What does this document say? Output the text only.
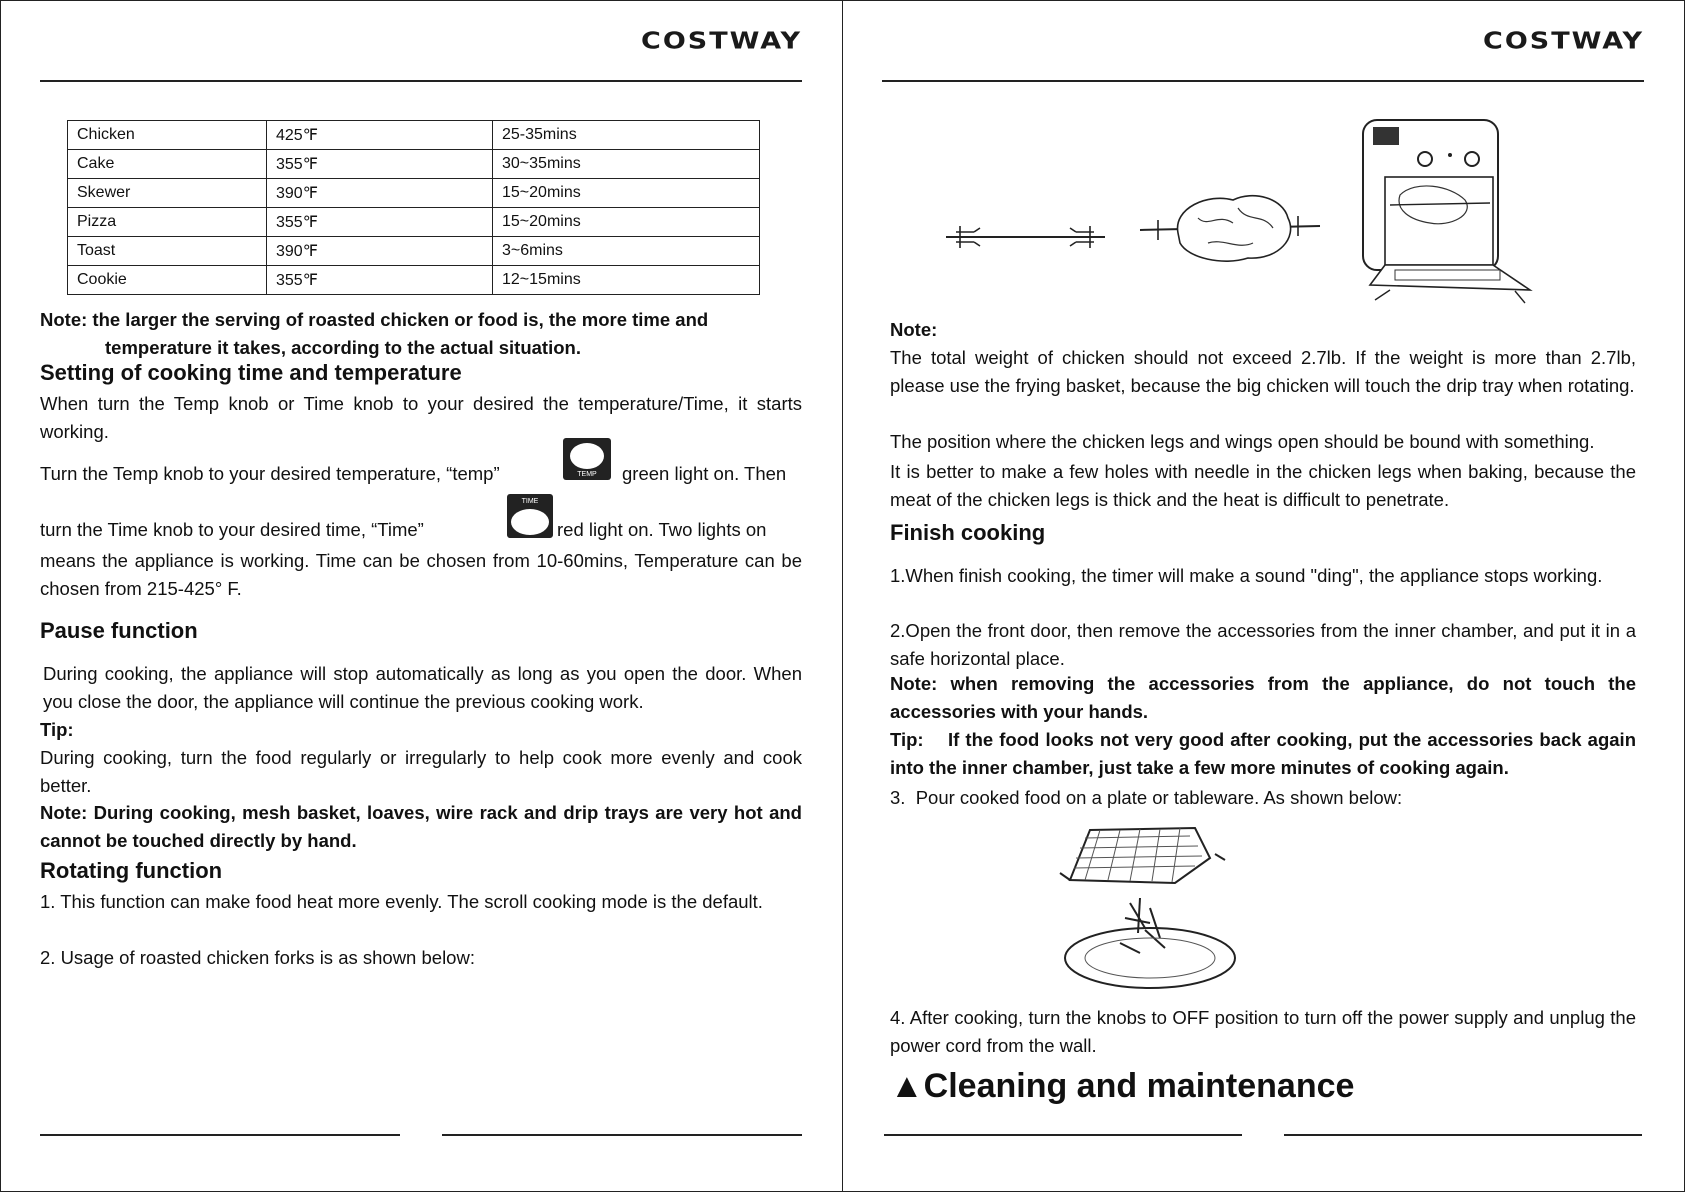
COSTWAY
Chicken	425℉	25-35mins
Cake	355℉	30~35mins
Skewer	390℉	15~20mins
Pizza	355℉	15~20mins
Toast	390℉	3~6mins
Cookie	355℉	12~15mins

Note: the larger the serving of roasted chicken or food is, the more time and

temperature it takes, according to the actual situation.

Setting of cooking time and temperature

When turn the Temp knob or Time knob to your desired the temperature/Time, it starts working.

Turn the Temp knob to your desired temperature, “temp”	TEMP green light on. Then

turn the Time knob to your desired time, “Time”

TIME

red light on. Two lights on

means the appliance is working. Time can be chosen from 10-60mins, Temperature can be chosen from 215-425° F.

Pause function

During cooking, the appliance will stop automatically as long as you open the door. When you close the door, the appliance will continue the previous cooking work.

Tip:

During cooking, turn the food regularly or irregularly to help cook more evenly and cook better.

Note: During cooking, mesh basket, loaves, wire rack and drip trays are very hot and cannot be touched directly by hand.

Rotating function

1. This function can make food heat more evenly. The scroll cooking mode is the default.

2. Usage of roasted chicken forks is as shown below:

COSTWAY

Note:

The total weight of chicken should not exceed 2.7lb. If the weight is more than 2.7lb, please use the frying basket, because the big chicken will touch the drip tray when rotating.

The position where the chicken legs and wings open should be bound with something.

It is better to make a few holes with needle in the chicken legs when baking, because the meat of the chicken legs is thick and the heat is difficult to penetrate.

Finish cooking

1.When finish cooking, the timer will make a sound "ding", the appliance stops working.

2.Open the front door, then remove the accessories from the inner chamber, and put it in a safe horizontal place.

Note: when removing the accessories from the appliance, do not touch the accessories with your hands.

Tip:    If the food looks not very good after cooking, put the accessories back again into the inner chamber, just take a few more minutes of cooking again.

3.  Pour cooked food on a plate or tableware. As shown below:

4. After cooking, turn the knobs to OFF position to turn off the power supply and unplug the power cord from the wall.

▲Cleaning and maintenance
